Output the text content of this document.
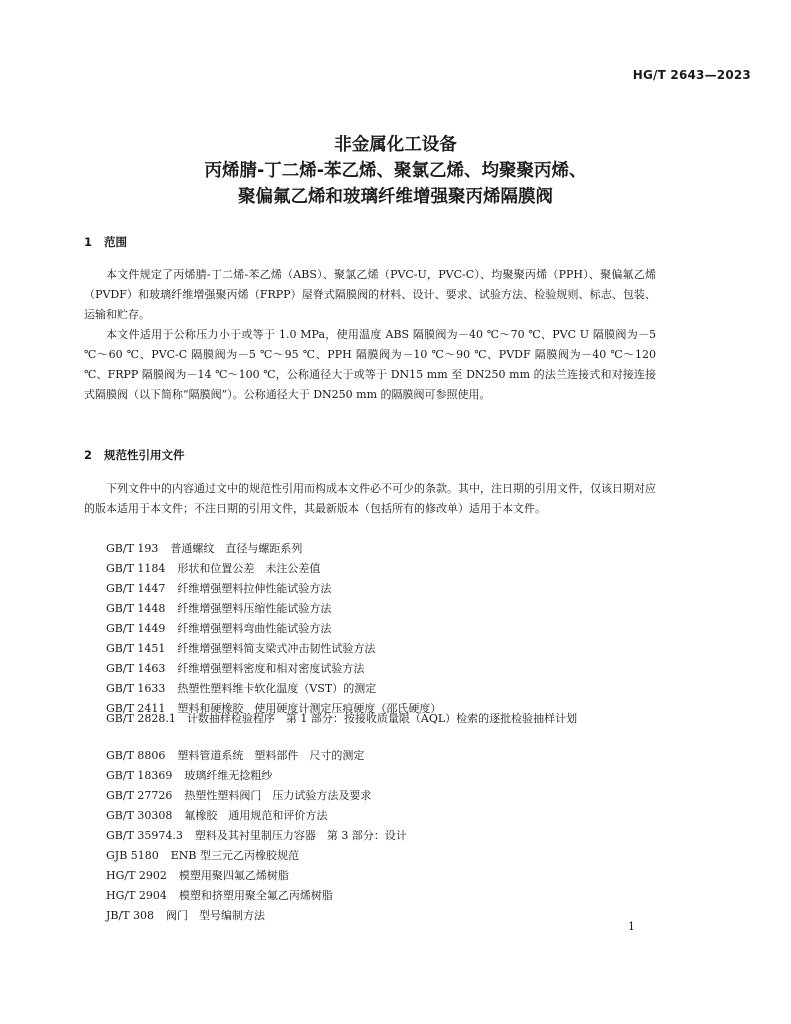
HG/T 2643—2023
非金属化工设备
丙烯腈-丁二烯-苯乙烯、聚氯乙烯、均聚聚丙烯、
聚偏氟乙烯和玻璃纤维增强聚丙烯隔膜阀
1 范围
本文件规定了丙烯腈-丁二烯-苯乙烯（ABS）、聚氯乙烯（PVC-U，PVC-C）、均聚聚丙烯（PPH）、聚偏氟乙烯（PVDF）和玻璃纤维增强聚丙烯（FRPP）屋脊式隔膜阀的材料、设计、要求、试验方法、检验规则、标志、包装、运输和贮存。
本文件适用于公称压力小于或等于 1.0 MPa，使用温度 ABS 隔膜阀为－40 ℃～70 ℃、PVC U 隔膜阀为－5 ℃～60 ℃、PVC-C 隔膜阀为－5 ℃～95 ℃、PPH 隔膜阀为－10 ℃～90 ℃、PVDF 隔膜阀为－40 ℃～120 ℃、FRPP 隔膜阀为－14 ℃～100 ℃，公称通径大于或等于 DN15 mm 至 DN250 mm 的法兰连接式和对接连接式隔膜阀（以下简称“隔膜阀”）。公称通径大于 DN250 mm 的隔膜阀可参照使用。
2 规范性引用文件
下列文件中的内容通过文中的规范性引用而构成本文件必不可少的条款。其中，注日期的引用文件，仅该日期对应的版本适用于本文件；不注日期的引用文件，其最新版本（包括所有的修改单）适用于本文件。
GB/T 193 普通螺纹　直径与螺距系列
GB/T 1184 形状和位置公差　未注公差值
GB/T 1447 纤维增强塑料拉伸性能试验方法
GB/T 1448 纤维增强塑料压缩性能试验方法
GB/T 1449 纤维增强塑料弯曲性能试验方法
GB/T 1451 纤维增强塑料简支梁式冲击韧性试验方法
GB/T 1463 纤维增强塑料密度和相对密度试验方法
GB/T 1633 热塑性塑料维卡软化温度（VST）的测定
GB/T 2411 塑料和硬橡胶　使用硬度计测定压痕硬度（邵氏硬度）
GB/T 2828.1　 计数抽样检验程序　第 1 部分：按接收质量限（AQL）检索的逐批检验抽样计划
GB/T 8806 塑料管道系统　塑料部件　尺寸的测定
GB/T 18369 玻璃纤维无捻粗纱
GB/T 27726 热塑性塑料阀门　压力试验方法及要求
GB/T 30308 氟橡胶　通用规范和评价方法
GB/T 35974.3 塑料及其衬里制压力容器　第 3 部分：设计
GJB 5180 ENB 型三元乙丙橡胶规范
HG/T 2902 模塑用聚四氟乙烯树脂
HG/T 2904 模塑和挤塑用聚全氟乙丙烯树脂
JB/T 308 阀门　型号编制方法
1
